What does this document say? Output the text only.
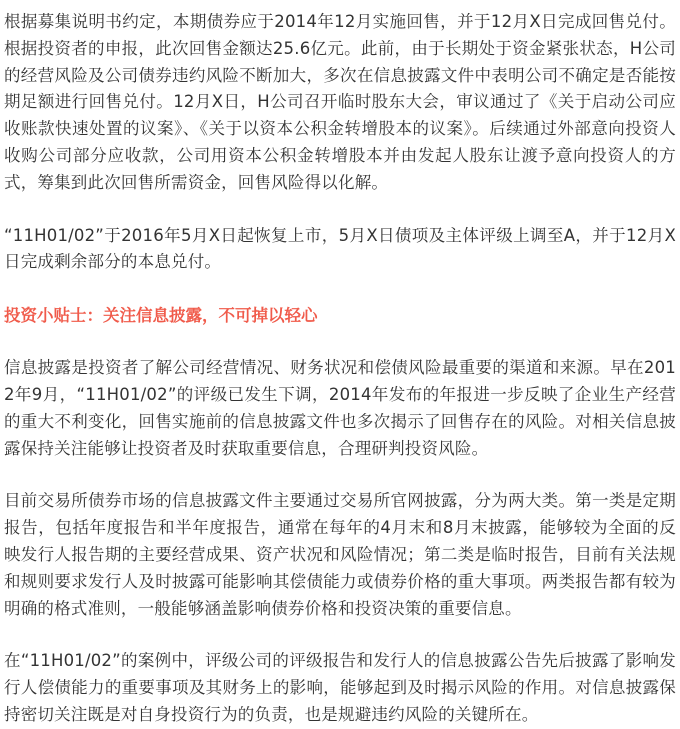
根据募集说明书约定，本期债券应于2014年12月实施回售，并于12月X日完成回售兑付。根据投资者的申报，此次回售金额达25.6亿元。此前，由于长期处于资金紧张状态，H公司的经营风险及公司债券违约风险不断加大，多次在信息披露文件中表明公司不确定是否能按期足额进行回售兑付。12月X日，H公司召开临时股东大会，审议通过了《关于启动公司应收账款快速处置的议案》、《关于以资本公积金转增股本的议案》。后续通过外部意向投资人收购公司部分应收款，公司用资本公积金转增股本并由发起人股东让渡予意向投资人的方式，筹集到此次回售所需资金，回售风险得以化解。

“11H01/02”于2016年5月X日起恢复上市，5月X日债项及主体评级上调至A，并于12月X日完成剩余部分的本息兑付。

投资小贴士：关注信息披露，不可掉以轻心

信息披露是投资者了解公司经营情况、财务状况和偿债风险最重要的渠道和来源。早在2012年9月，“11H01/02”的评级已发生下调，2014年发布的年报进一步反映了企业生产经营的重大不利变化，回售实施前的信息披露文件也多次揭示了回售存在的风险。对相关信息披露保持关注能够让投资者及时获取重要信息，合理研判投资风险。

目前交易所债券市场的信息披露文件主要通过交易所官网披露，分为两大类。第一类是定期报告，包括年度报告和半年度报告，通常在每年的4月末和8月末披露，能够较为全面的反映发行人报告期的主要经营成果、资产状况和风险情况；第二类是临时报告，目前有关法规和规则要求发行人及时披露可能影响其偿债能力或债券价格的重大事项。两类报告都有较为明确的格式准则，一般能够涵盖影响债券价格和投资决策的重要信息。

在“11H01/02”的案例中，评级公司的评级报告和发行人的信息披露公告先后披露了影响发行人偿债能力的重要事项及其财务上的影响，能够起到及时揭示风险的作用。对信息披露保持密切关注既是对自身投资行为的负责，也是规避违约风险的关键所在。
